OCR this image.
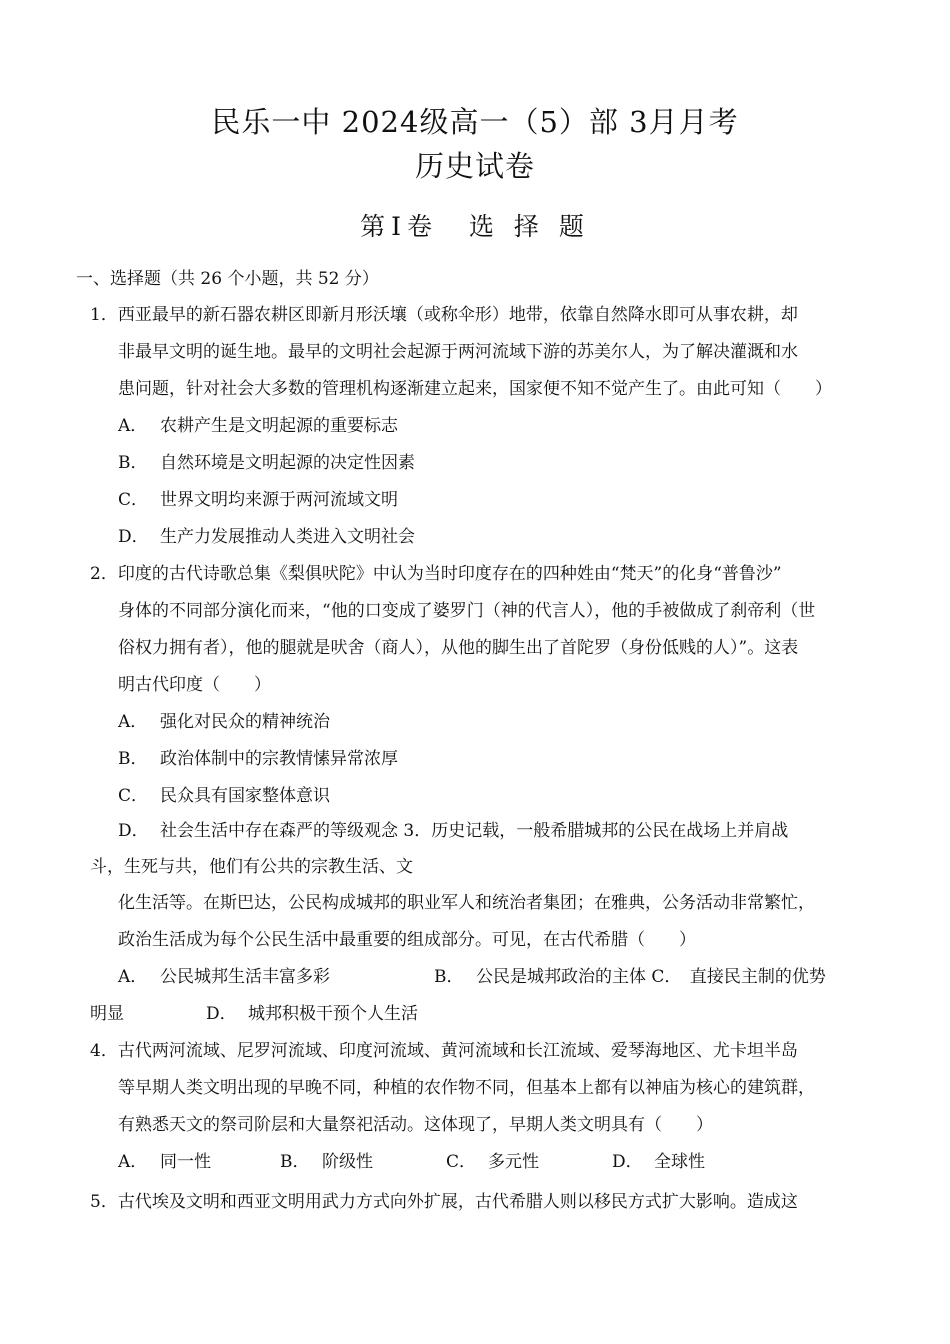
民乐一中 2024级高一（5）部 3月月考
历史试卷
第Ⅰ卷　选 择 题
一、选择题（共 26 个小题，共 52 分）
1．西亚最早的新石器农耕区即新月形沃壤（或称伞形）地带，依靠自然降水即可从事农耕，却
非最早文明的诞生地。最早的文明社会起源于两河流域下游的苏美尔人，为了解决灌溉和水
患问题，针对社会大多数的管理机构逐渐建立起来，国家便不知不觉产生了。由此可知（　　）
A． 农耕产生是文明起源的重要标志
B． 自然环境是文明起源的决定性因素
C． 世界文明均来源于两河流域文明
D． 生产力发展推动人类进入文明社会
2．印度的古代诗歌总集《梨俱吠陀》中认为当时印度存在的四种姓由“梵天”的化身“普鲁沙”
身体的不同部分演化而来，“他的口变成了婆罗门（神的代言人），他的手被做成了刹帝利（世
俗权力拥有者），他的腿就是吠舍（商人），从他的脚生出了首陀罗（身份低贱的人）”。这表
明古代印度（　　）
A． 强化对民众的精神统治
B． 政治体制中的宗教情愫异常浓厚
C． 民众具有国家整体意识
D． 社会生活中存在森严的等级观念 3．历史记载，一般希腊城邦的公民在战场上并肩战
斗，生死与共，他们有公共的宗教生活、文
化生活等。在斯巴达，公民构成城邦的职业军人和统治者集团；在雅典，公务活动非常繁忙，
政治生活成为每个公民生活中最重要的组成部分。可见，在古代希腊（　　）
A． 公民城邦生活丰富多彩	B． 公民是城邦政治的主体 C．　直接民主制的优势
明显	D． 城邦积极干预个人生活
4．古代两河流域、尼罗河流域、印度河流域、黄河流域和长江流域、爱琴海地区、尤卡坦半岛
等早期人类文明出现的早晚不同，种植的农作物不同，但基本上都有以神庙为核心的建筑群，
有熟悉天文的祭司阶层和大量祭祀活动。这体现了，早期人类文明具有（　　）
A． 同一性	B． 阶级性	C． 多元性	D． 全球性
5．古代埃及文明和西亚文明用武力方式向外扩展，古代希腊人则以移民方式扩大影响。造成这
